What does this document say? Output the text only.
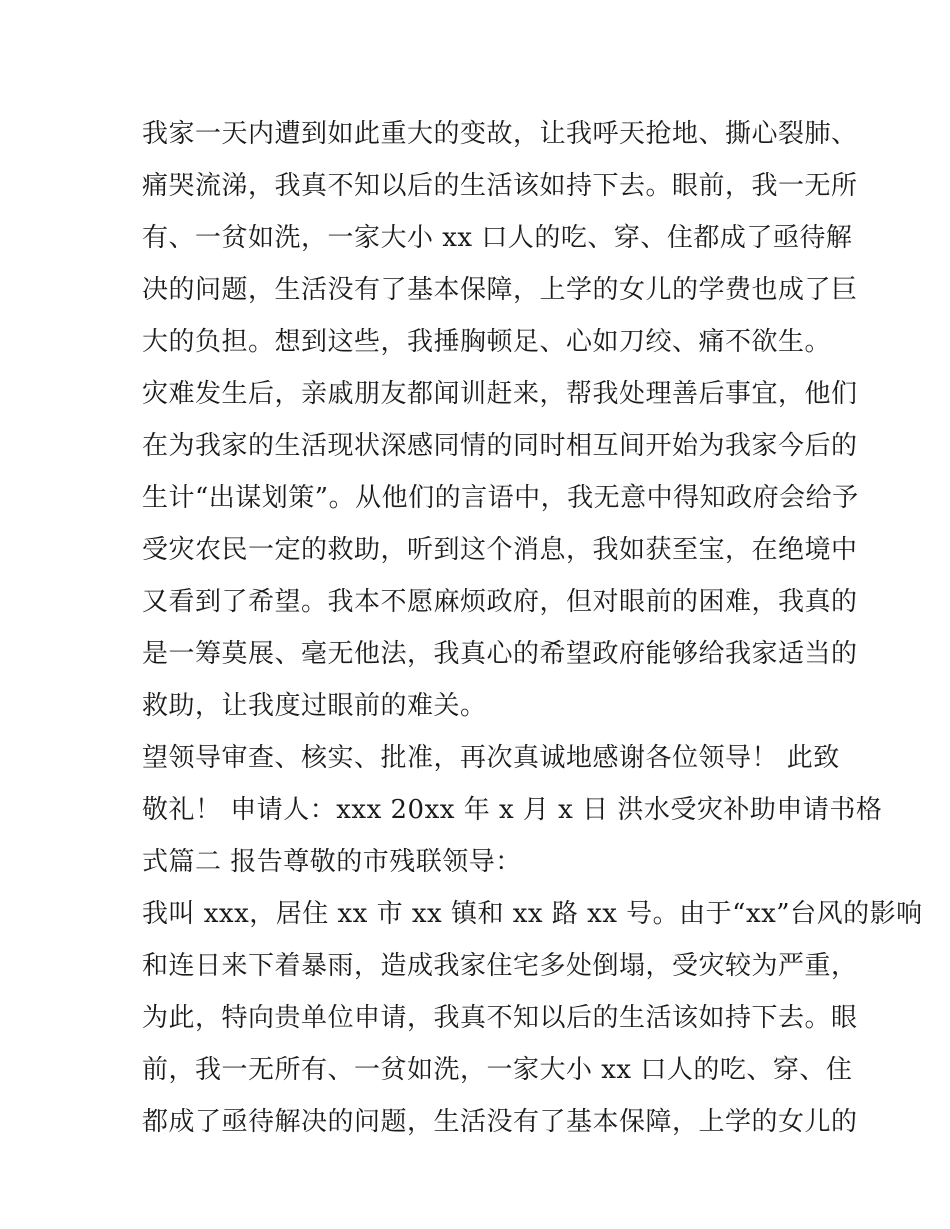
我家一天内遭到如此重大的变故，让我呼天抢地、撕心裂肺、
痛哭流涕，我真不知以后的生活该如持下去。眼前，我一无所
有、一贫如洗，一家大小 xx 口人的吃、穿、住都成了亟待解
决的问题，生活没有了基本保障，上学的女儿的学费也成了巨
大的负担。想到这些，我捶胸顿足、心如刀绞、痛不欲生。
灾难发生后，亲戚朋友都闻训赶来，帮我处理善后事宜，他们
在为我家的生活现状深感同情的同时相互间开始为我家今后的
生计“出谋划策”。从他们的言语中，我无意中得知政府会给予
受灾农民一定的救助，听到这个消息，我如获至宝，在绝境中
又看到了希望。我本不愿麻烦政府，但对眼前的困难，我真的
是一筹莫展、毫无他法，我真心的希望政府能够给我家适当的
救助，让我度过眼前的难关。
望领导审查、核实、批准，再次真诚地感谢各位领导！ 此致
敬礼！ 申请人：xxx 20xx 年 x 月 x 日 洪水受灾补助申请书格
式篇二 报告尊敬的市残联领导：
我叫 xxx，居住 xx 市 xx 镇和 xx 路 xx 号。由于“xx”台风的影响
和连日来下着暴雨，造成我家住宅多处倒塌，受灾较为严重，
为此，特向贵单位申请，我真不知以后的生活该如持下去。眼
前，我一无所有、一贫如洗，一家大小 xx 口人的吃、穿、住
都成了亟待解决的问题，生活没有了基本保障，上学的女儿的
